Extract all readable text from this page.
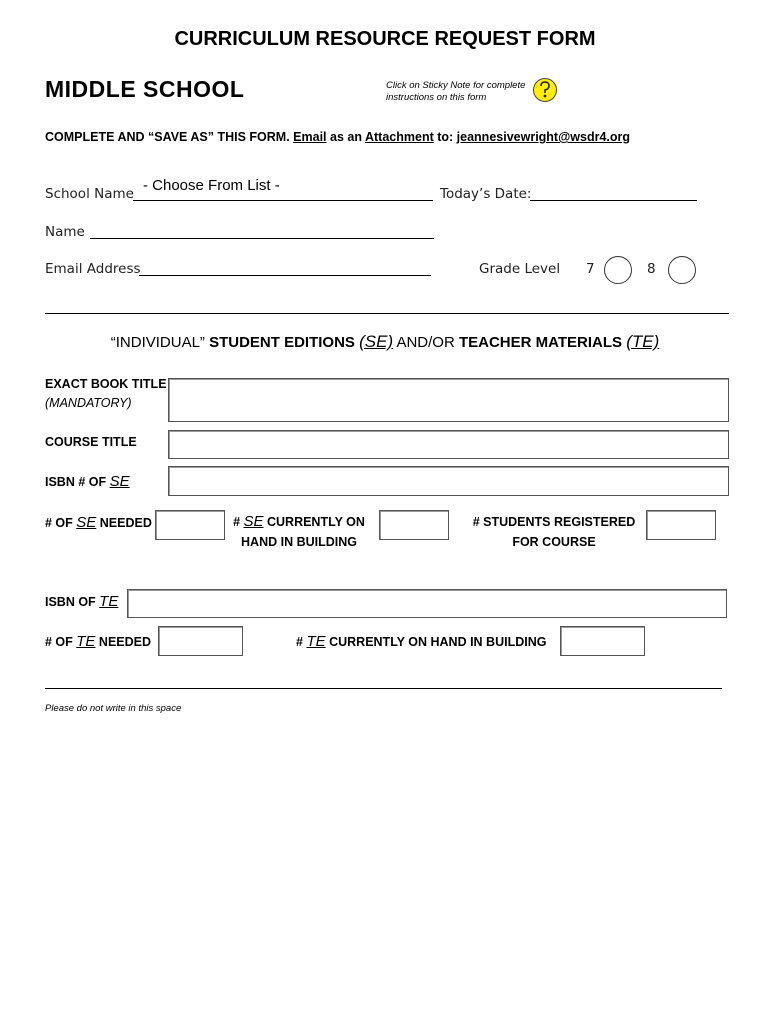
CURRICULUM RESOURCE REQUEST FORM
MIDDLE SCHOOL	Click on Sticky Note for complete
instructions on this form
COMPLETE AND “SAVE AS” THIS FORM. Email as an Attachment to: jeannesivewright@wsdr4.org
School Name - Choose From List -	Today’s Date:
Name
Email Address	Grade Level 7	8
“INDIVIDUAL” STUDENT EDITIONS (SE) AND/OR TEACHER MATERIALS (TE)
EXACT BOOK TITLE
(MANDATORY)
COURSE TITLE
ISBN # OF SE
# OF SE NEEDED	# SE CURRENTLY ON
HAND IN BUILDING
# STUDENTS REGISTERED
FOR COURSE
ISBN OF TE
# OF TE NEEDED	# TE CURRENTLY ON HAND IN BUILDING
Please do not write in this space
